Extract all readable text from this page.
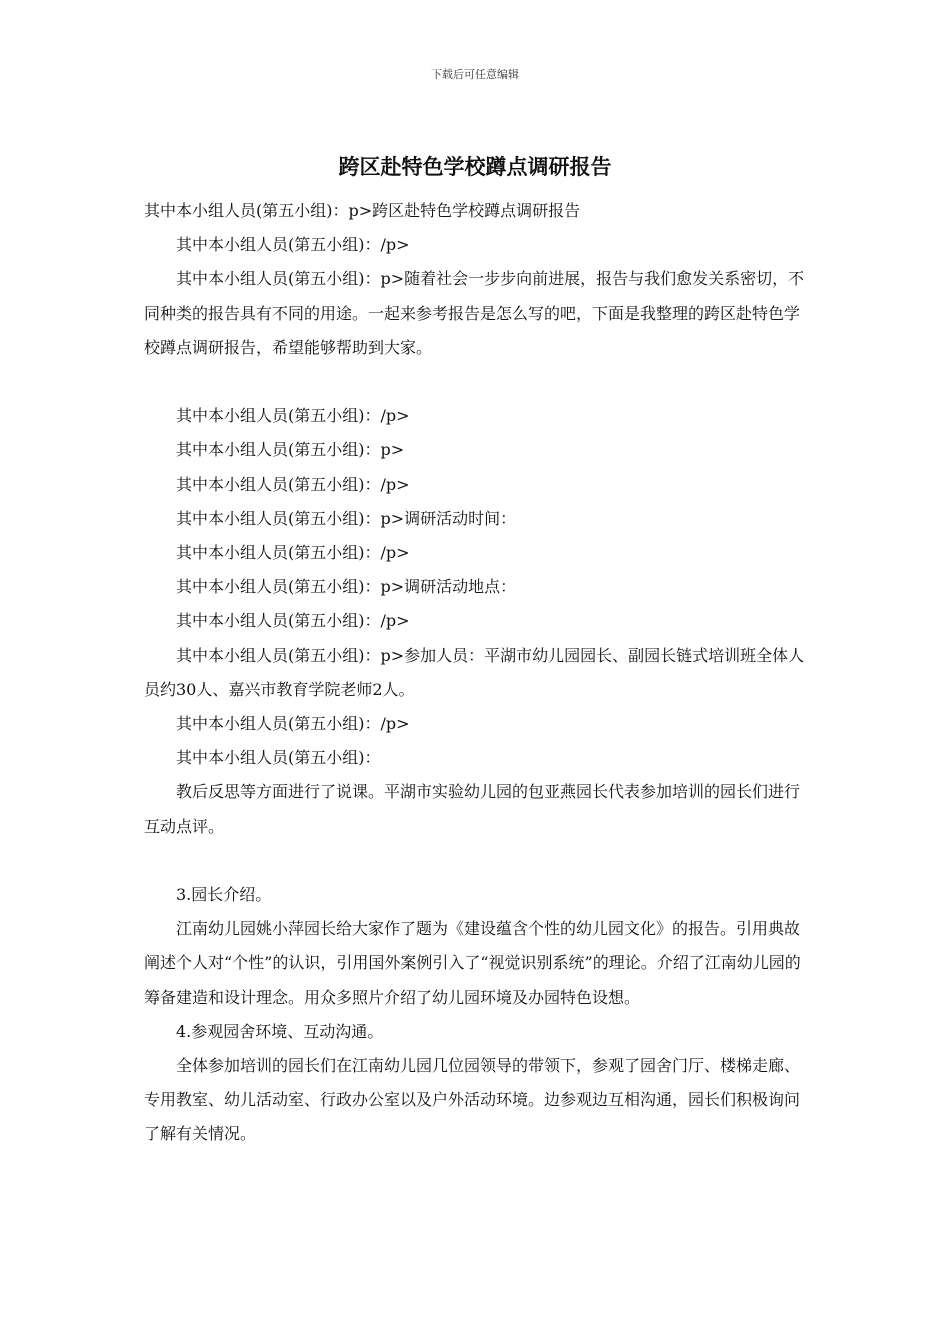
下载后可任意编辑
跨区赴特色学校蹲点调研报告

其中本小组人员(第五小组)：p>跨区赴特色学校蹲点调研报告

其中本小组人员(第五小组)：/p>

其中本小组人员(第五小组)：p>随着社会一步步向前进展，报告与我们愈发关系密切，不同种类的报告具有不同的用途。一起来参考报告是怎么写的吧，下面是我整理的跨区赴特色学校蹲点调研报告，希望能够帮助到大家。

其中本小组人员(第五小组)：/p>

其中本小组人员(第五小组)：p>

其中本小组人员(第五小组)：/p>

其中本小组人员(第五小组)：p>调研活动时间：

其中本小组人员(第五小组)：/p>

其中本小组人员(第五小组)：p>调研活动地点：

其中本小组人员(第五小组)：/p>

其中本小组人员(第五小组)：p>参加人员：平湖市幼儿园园长、副园长链式培训班全体人员约30人、嘉兴市教育学院老师2人。

其中本小组人员(第五小组)：/p>

其中本小组人员(第五小组)：

教后反思等方面进行了说课。平湖市实验幼儿园的包亚燕园长代表参加培训的园长们进行互动点评。

3.园长介绍。

江南幼儿园姚小萍园长给大家作了题为《建设蕴含个性的幼儿园文化》的报告。引用典故阐述个人对“个性”的认识，引用国外案例引入了“视觉识别系统”的理论。介绍了江南幼儿园的筹备建造和设计理念。用众多照片介绍了幼儿园环境及办园特色设想。

4.参观园舍环境、互动沟通。

全体参加培训的园长们在江南幼儿园几位园领导的带领下，参观了园舍门厅、楼梯走廊、专用教室、幼儿活动室、行政办公室以及户外活动环境。边参观边互相沟通，园长们积极询问了解有关情况。
